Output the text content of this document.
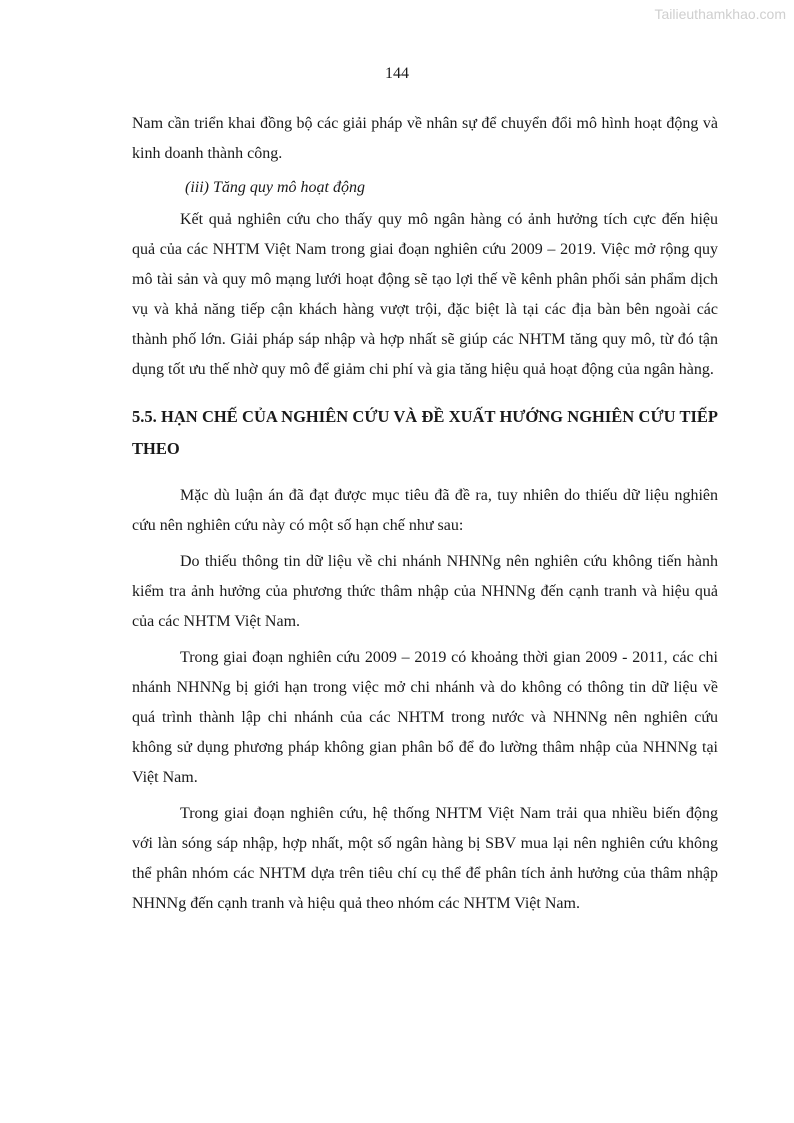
Tailieuthamkhao.com
144

Nam cần triển khai đồng bộ các giải pháp về nhân sự để chuyển đổi mô hình hoạt động và kinh doanh thành công.

(iii) Tăng quy mô hoạt động

Kết quả nghiên cứu cho thấy quy mô ngân hàng có ảnh hưởng tích cực đến hiệu quả của các NHTM Việt Nam trong giai đoạn nghiên cứu 2009 – 2019. Việc mở rộng quy mô tài sản và quy mô mạng lưới hoạt động sẽ tạo lợi thế về kênh phân phối sản phẩm dịch vụ và khả năng tiếp cận khách hàng vượt trội, đặc biệt là tại các địa bàn bên ngoài các thành phố lớn. Giải pháp sáp nhập và hợp nhất sẽ giúp các NHTM tăng quy mô, từ đó tận dụng tốt ưu thế nhờ quy mô để giảm chi phí và gia tăng hiệu quả hoạt động của ngân hàng.

5.5. HẠN CHẾ CỦA NGHIÊN CỨU VÀ ĐỀ XUẤT HƯỚNG NGHIÊN CỨU TIẾP THEO

Mặc dù luận án đã đạt được mục tiêu đã đề ra, tuy nhiên do thiếu dữ liệu nghiên cứu nên nghiên cứu này có một số hạn chế như sau:

Do thiếu thông tin dữ liệu về chi nhánh NHNNg nên nghiên cứu không tiến hành kiểm tra ảnh hưởng của phương thức thâm nhập của NHNNg đến cạnh tranh và hiệu quả của các NHTM Việt Nam.

Trong giai đoạn nghiên cứu 2009 – 2019 có khoảng thời gian 2009 - 2011, các chi nhánh NHNNg bị giới hạn trong việc mở chi nhánh và do không có thông tin dữ liệu về quá trình thành lập chi nhánh của các NHTM trong nước và NHNNg nên nghiên cứu không sử dụng phương pháp không gian phân bổ để đo lường thâm nhập của NHNNg tại Việt Nam.

Trong giai đoạn nghiên cứu, hệ thống NHTM Việt Nam trải qua nhiều biến động với làn sóng sáp nhập, hợp nhất, một số ngân hàng bị SBV mua lại nên nghiên cứu không thể phân nhóm các NHTM dựa trên tiêu chí cụ thể để phân tích ảnh hưởng của thâm nhập NHNNg đến cạnh tranh và hiệu quả theo nhóm các NHTM Việt Nam.
